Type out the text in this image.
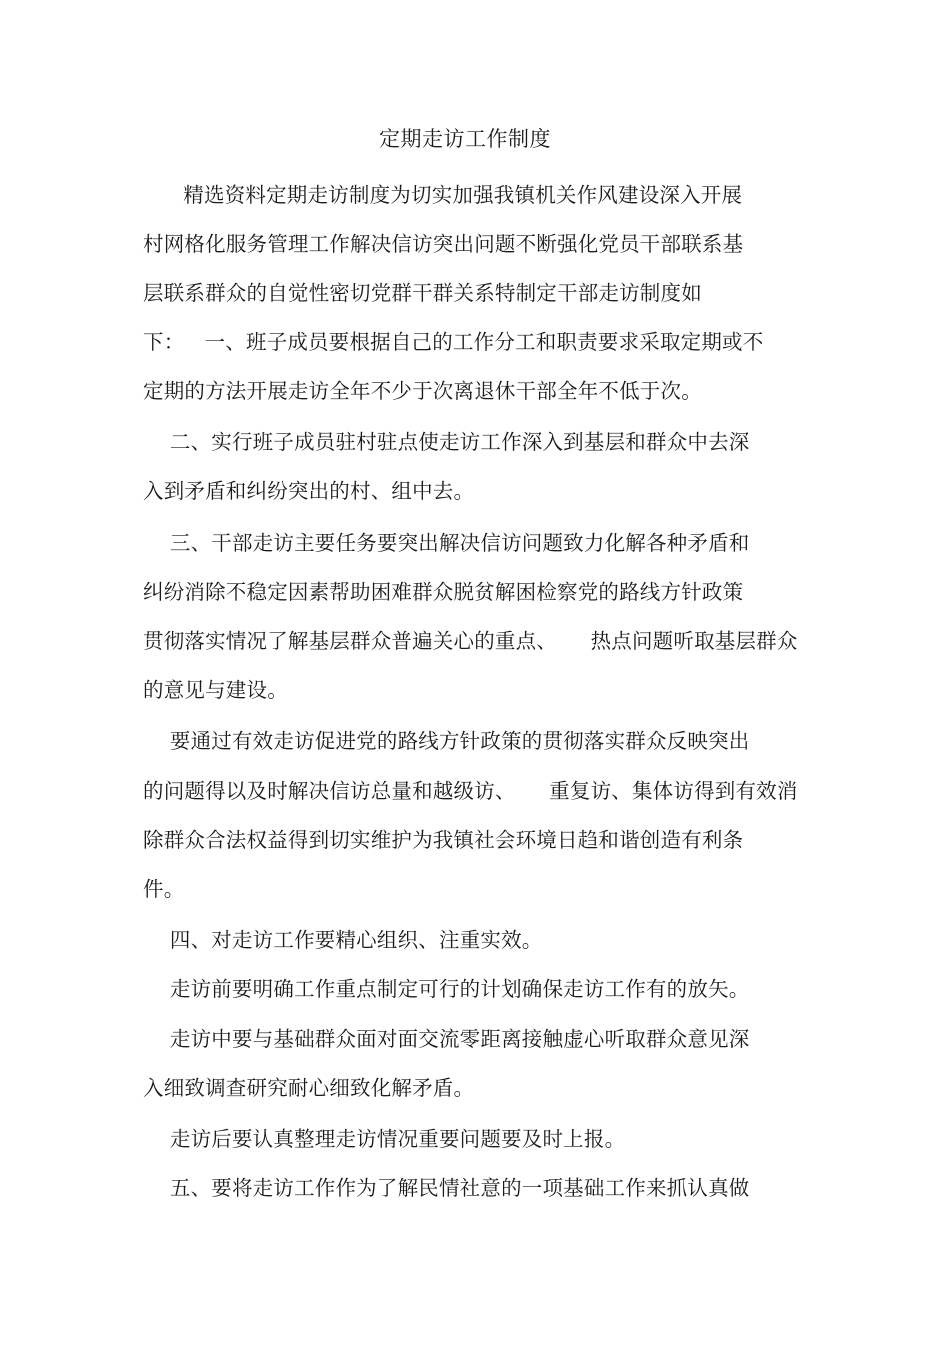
定期走访工作制度
精选资料定期走访制度为切实加强我镇机关作风建设深入开展
村网格化服务管理工作解决信访突出问题不断强化党员干部联系基
层联系群众的自觉性密切党群干群关系特制定干部走访制度如
下：   一、班子成员要根据自己的工作分工和职责要求采取定期或不
定期的方法开展走访全年不少于次离退休干部全年不低于次。
二、实行班子成员驻村驻点使走访工作深入到基层和群众中去深
入到矛盾和纠纷突出的村、组中去。
三、干部走访主要任务要突出解决信访问题致力化解各种矛盾和
纠纷消除不稳定因素帮助困难群众脱贫解困检察党的路线方针政策
贯彻落实情况了解基层群众普遍关心的重点、     热点问题听取基层群众
的意见与建设。
要通过有效走访促进党的路线方针政策的贯彻落实群众反映突出
的问题得以及时解决信访总量和越级访、     重复访、集体访得到有效消
除群众合法权益得到切实维护为我镇社会环境日趋和谐创造有利条
件。
四、对走访工作要精心组织、注重实效。
走访前要明确工作重点制定可行的计划确保走访工作有的放矢。
走访中要与基础群众面对面交流零距离接触虚心听取群众意见深
入细致调查研究耐心细致化解矛盾。
走访后要认真整理走访情况重要问题要及时上报。
五、要将走访工作作为了解民情社意的一项基础工作来抓认真做
